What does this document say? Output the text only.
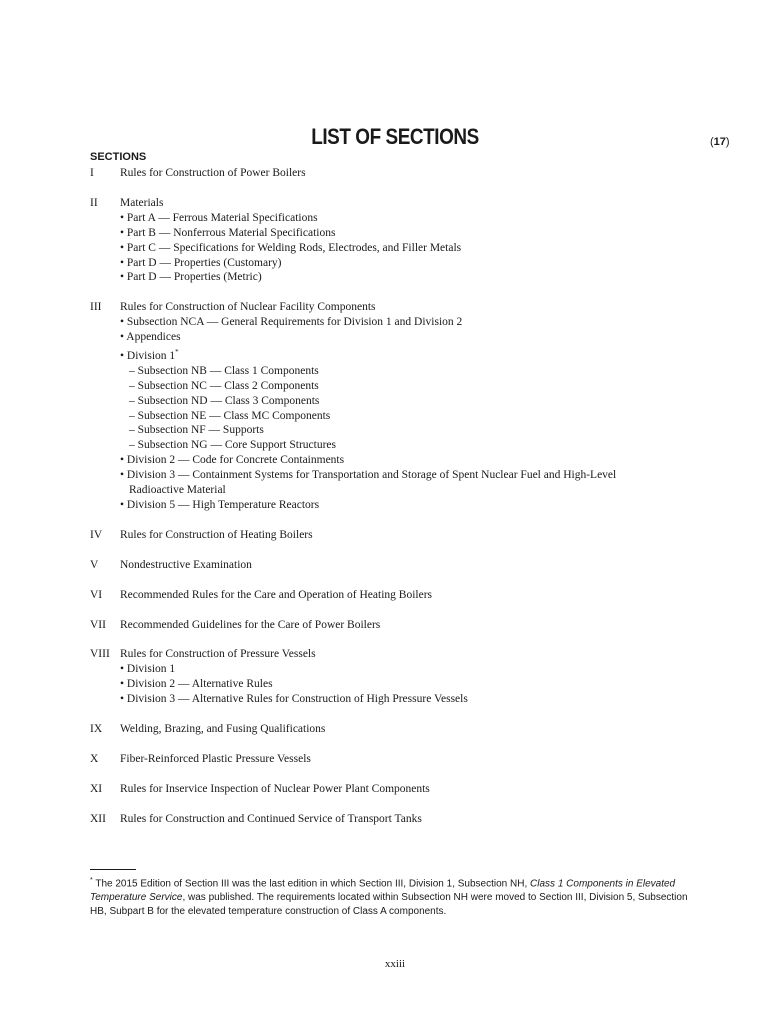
LIST OF SECTIONS	(17)
SECTIONS
I	Rules for Construction of Power Boilers
II	Materials
• Part A — Ferrous Material Specifications
• Part B — Nonferrous Material Specifications
• Part C — Specifications for Welding Rods, Electrodes, and Filler Metals
• Part D — Properties (Customary)
• Part D — Properties (Metric)
III	Rules for Construction of Nuclear Facility Components
• Subsection NCA — General Requirements for Division 1 and Division 2
• Appendices
• Division 1*
– Subsection NB — Class 1 Components
– Subsection NC — Class 2 Components
– Subsection ND — Class 3 Components
– Subsection NE — Class MC Components
– Subsection NF — Supports
– Subsection NG — Core Support Structures
• Division 2 — Code for Concrete Containments
• Division 3 — Containment Systems for Transportation and Storage of Spent Nuclear Fuel and High-Level
Radioactive Material
• Division 5 — High Temperature Reactors
IV	Rules for Construction of Heating Boilers
V	Nondestructive Examination
VI	Recommended Rules for the Care and Operation of Heating Boilers
VII	Recommended Guidelines for the Care of Power Boilers
VIII Rules for Construction of Pressure Vessels
• Division 1
• Division 2 — Alternative Rules
• Division 3 — Alternative Rules for Construction of High Pressure Vessels
IX	Welding, Brazing, and Fusing Qualifications
X	Fiber-Reinforced Plastic Pressure Vessels
XI	Rules for Inservice Inspection of Nuclear Power Plant Components
XII	Rules for Construction and Continued Service of Transport Tanks
* The 2015 Edition of Section III was the last edition in which Section III, Division 1, Subsection NH, Class 1 Components in Elevated Temperature Service, was published. The requirements located within Subsection NH were moved to Section III, Division 5, Subsection HB, Subpart B for the elevated temperature construction of Class A components.
xxiii
